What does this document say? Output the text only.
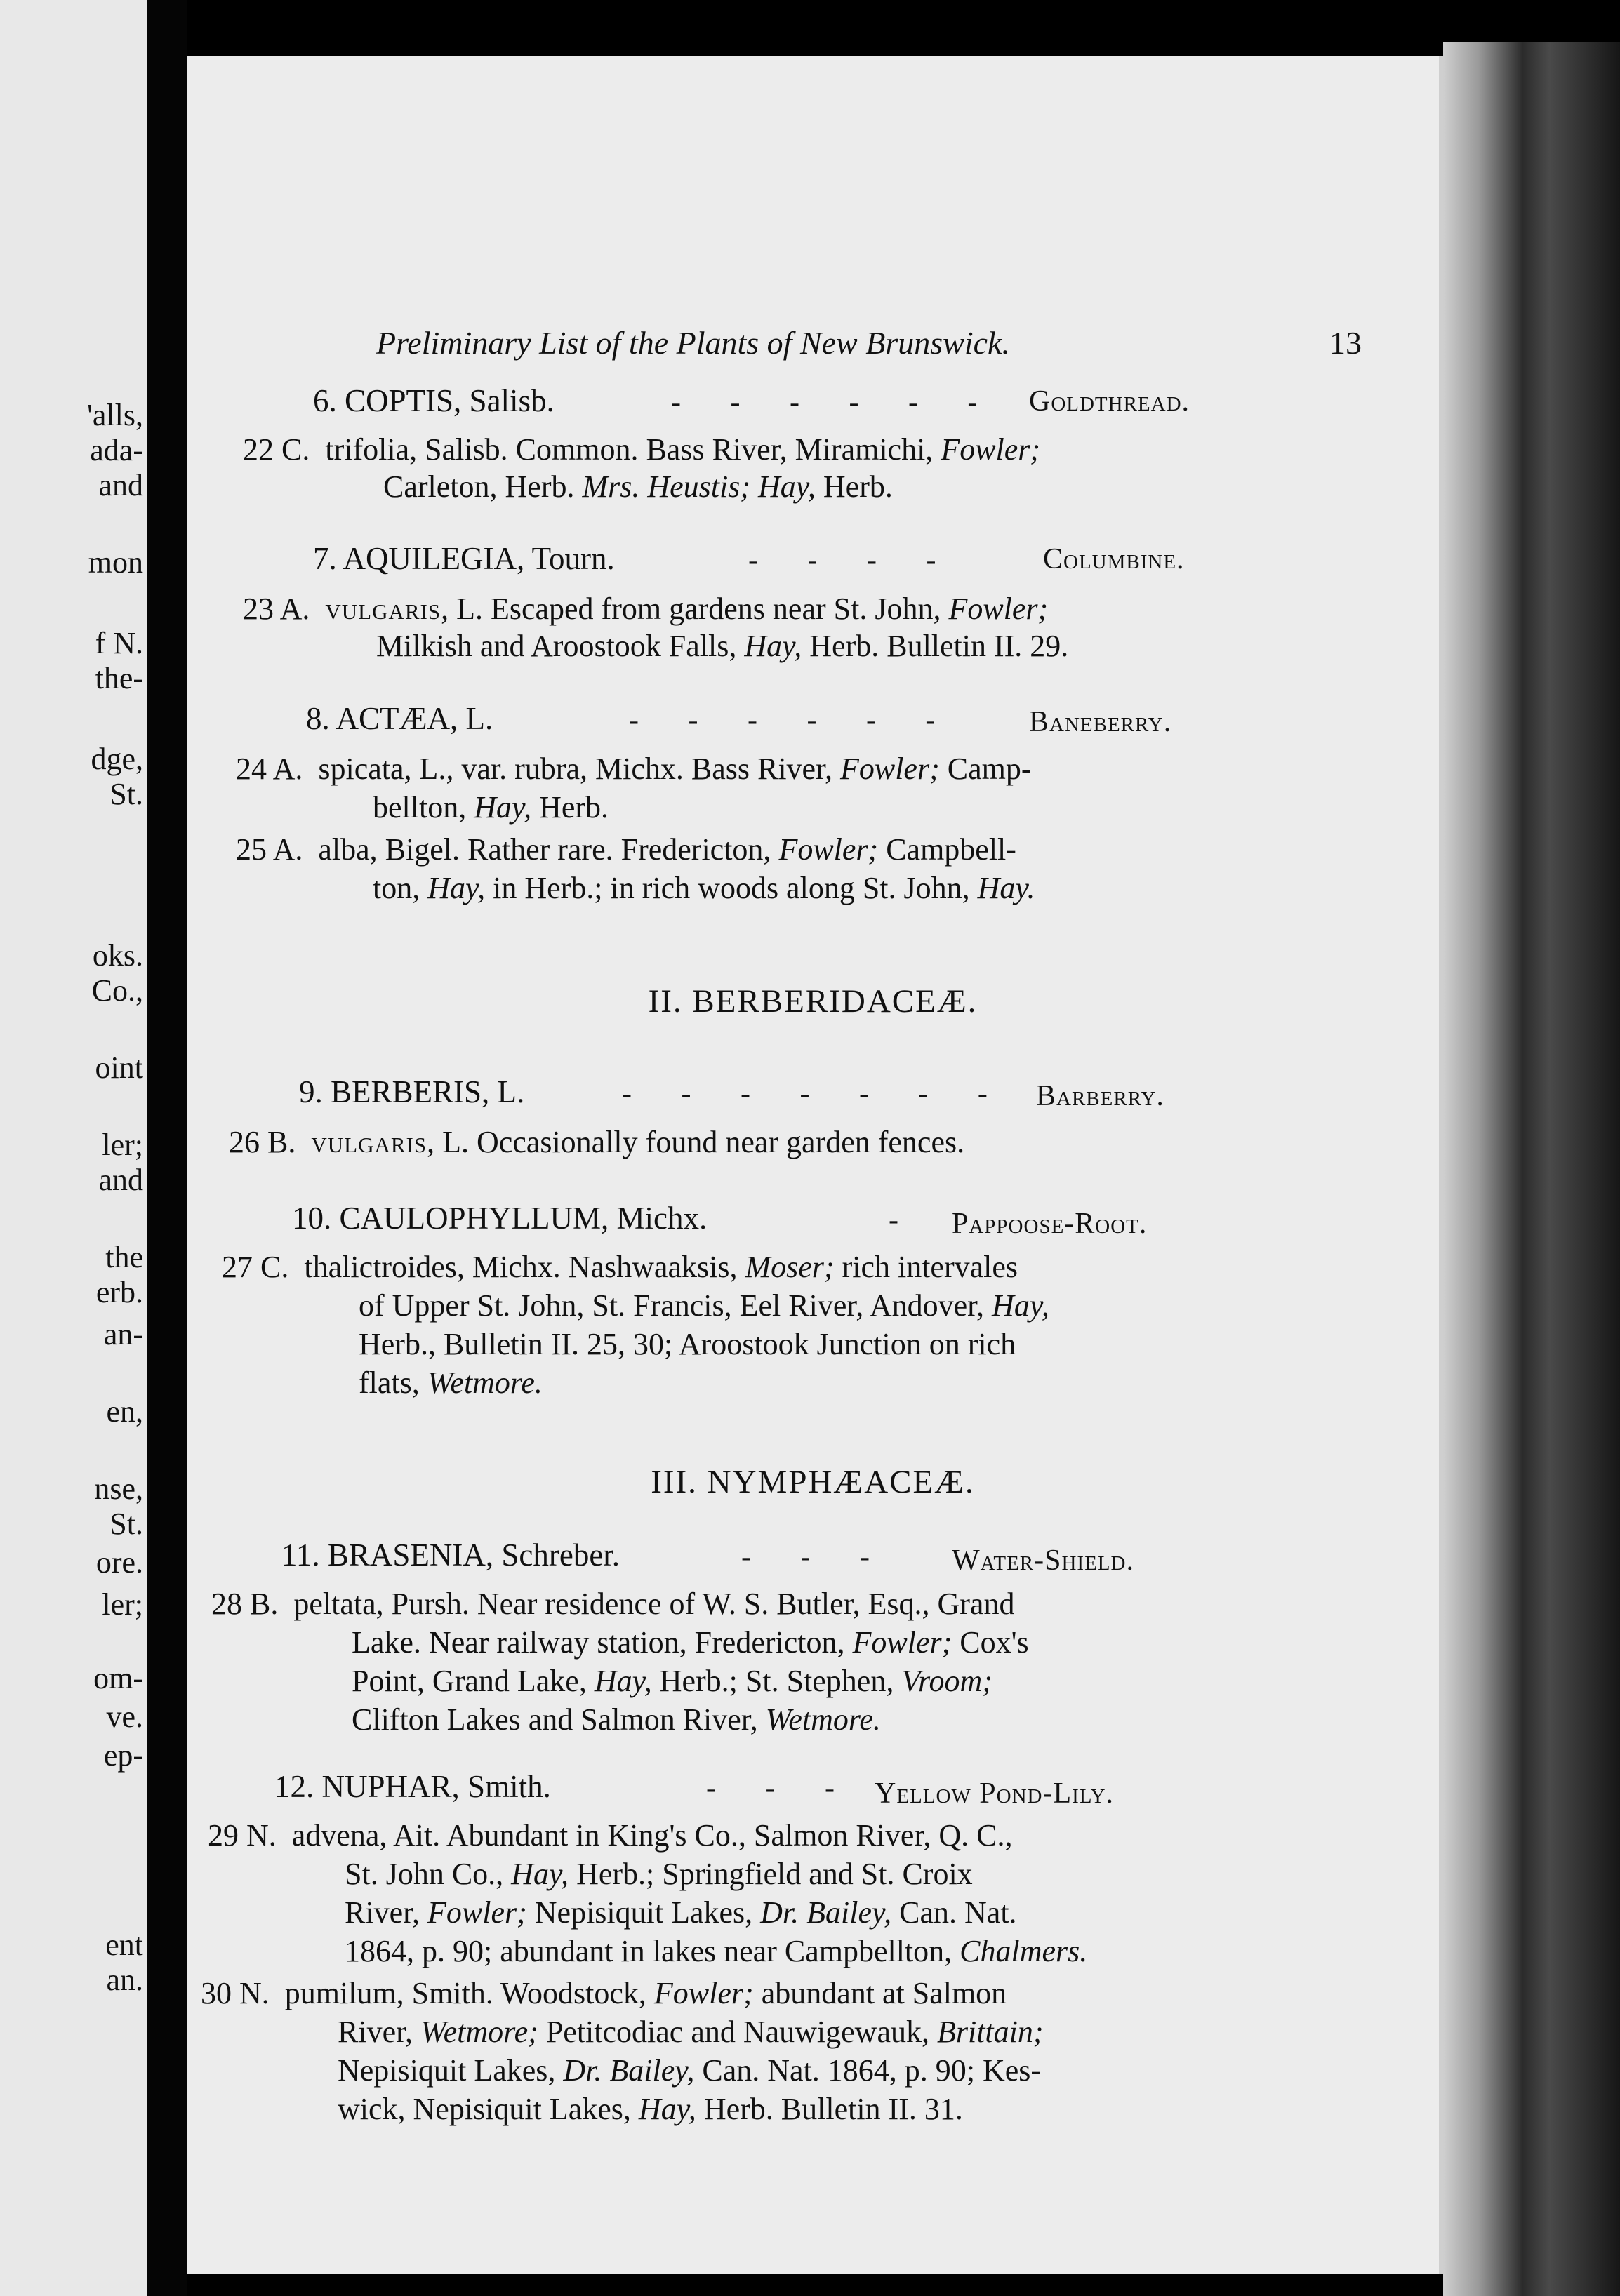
'alls,
ada-
and
mon
f N.
the-
dge,
St.
oks.
Co.,
oint
ler;
and
the
erb.
an-
en,
nse,
St.
ore.
ler;
om-
ve.
ep-
ent
an.
Preliminary List of the Plants of New Brunswick.	13
6. COPTIS, Salisb.	- - - - - - Goldthread.
22 C. trifolia, Salisb. Common. Bass River, Miramichi, Fowler;
Carleton, Herb. Mrs. Heustis; Hay, Herb.
7. AQUILEGIA, Tourn.	- - - -	Columbine.
23 A. vulgaris, L. Escaped from gardens near St. John, Fowler;
Milkish and Aroostook Falls, Hay, Herb. Bulletin II. 29.
8. ACTÆA, L.	- - - - - - Baneberry.
24 A. spicata, L., var. rubra, Michx. Bass River, Fowler; Camp-
bellton, Hay, Herb.
25 A. alba, Bigel. Rather rare. Fredericton, Fowler; Campbell-
ton, Hay, in Herb.; in rich woods along St. John, Hay.
II. BERBERIDACEÆ.
9. BERBERIS, L.	- - - - - - - Barberry.
26 B. vulgaris, L. Occasionally found near garden fences.
10. CAULOPHYLLUM, Michx.	- Pappoose-Root.
27 C. thalictroides, Michx. Nashwaaksis, Moser; rich intervales
of Upper St. John, St. Francis, Eel River, Andover, Hay,
Herb., Bulletin II. 25, 30; Aroostook Junction on rich
flats, Wetmore.
III. NYMPHÆACEÆ.
11. BRASENIA, Schreber.	- - - Water-Shield.
28 B. peltata, Pursh. Near residence of W. S. Butler, Esq., Grand
Lake. Near railway station, Fredericton, Fowler; Cox's
Point, Grand Lake, Hay, Herb.; St. Stephen, Vroom;
Clifton Lakes and Salmon River, Wetmore.
12. NUPHAR, Smith.	- - - Yellow Pond-Lily.
29 N. advena, Ait. Abundant in King's Co., Salmon River, Q. C.,
St. John Co., Hay, Herb.; Springfield and St. Croix
River, Fowler; Nepisiquit Lakes, Dr. Bailey, Can. Nat.
1864, p. 90; abundant in lakes near Campbellton, Chalmers.
30 N. pumilum, Smith. Woodstock, Fowler; abundant at Salmon
River, Wetmore; Petitcodiac and Nauwigewauk, Brittain;
Nepisiquit Lakes, Dr. Bailey, Can. Nat. 1864, p. 90; Kes-
wick, Nepisiquit Lakes, Hay, Herb. Bulletin II. 31.
